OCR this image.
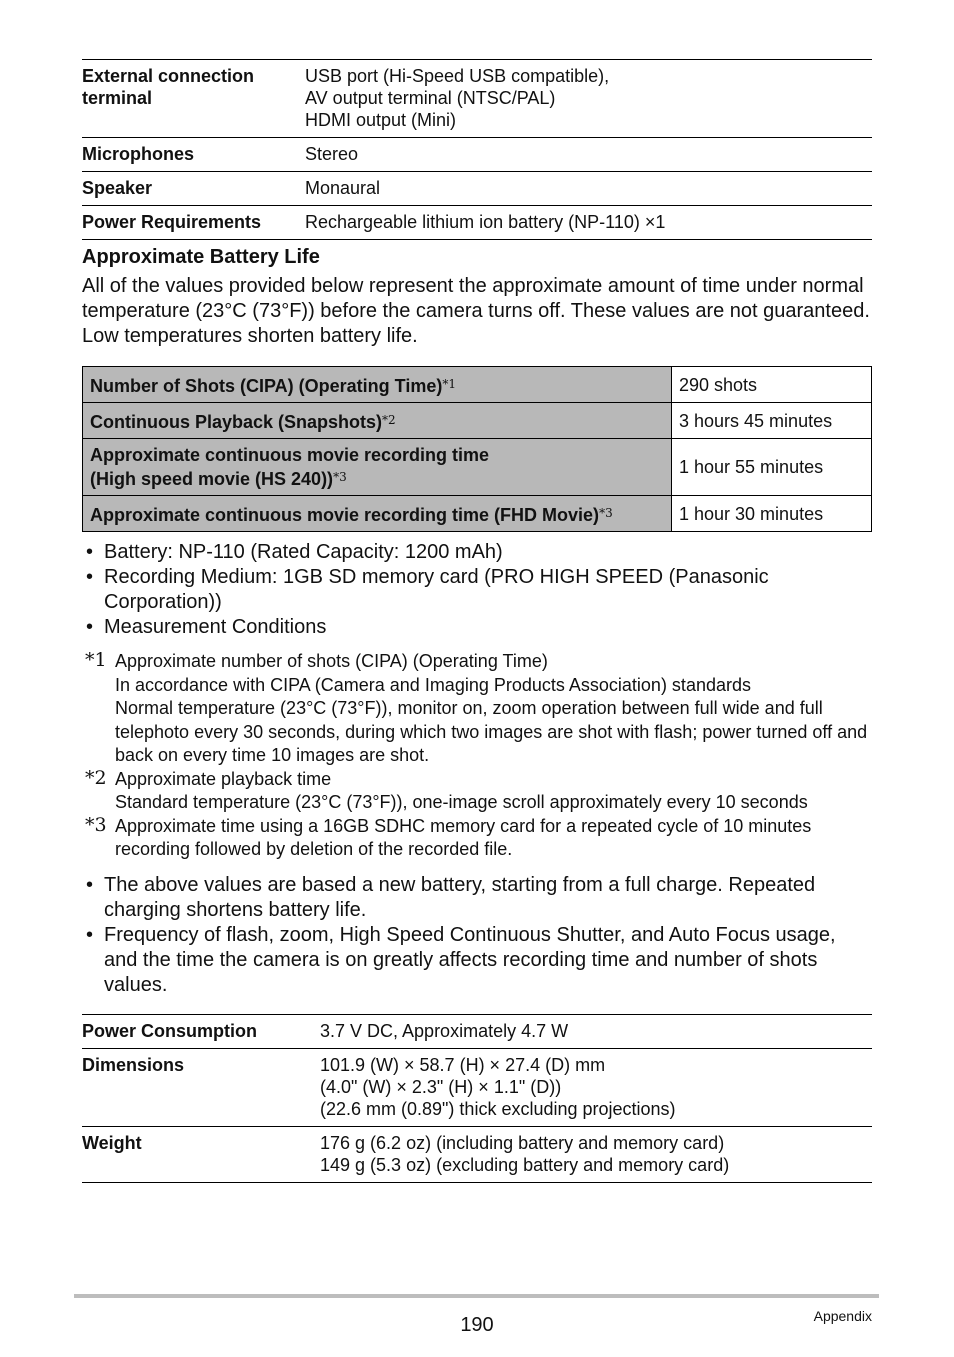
External connection
terminal	USB port (Hi-Speed USB compatible),
AV output terminal (NTSC/PAL)
HDMI output (Mini)

Microphones	Stereo

Speaker	Monaural

Power Requirements	Rechargeable lithium ion battery (NP-110) ×1
Approximate Battery Life

All of the values provided below represent the approximate amount of time under normal temperature (23°C (73°F)) before the camera turns off. These values are not guaranteed. Low temperatures shorten battery life.

Number of Shots (CIPA) (Operating Time)$^{*1}$	290 shots

Continuous Playback (Snapshots)$^{*2}$	3 hours 45 minutes

Approximate continuous movie recording time
(High speed movie (HS 240))$^{*3}$	1 hour 55 minutes

Approximate continuous movie recording time (FHD Movie)$^{*3}$	1 hour 30 minutes
• Battery: NP-110 (Rated Capacity: 1200 mAh)
• Recording Medium: 1GB SD memory card (PRO HIGH SPEED (Panasonic Corporation))
• Measurement Conditions
*1 Approximate number of shots (CIPA) (Operating Time)
In accordance with CIPA (Camera and Imaging Products Association) standards
Normal temperature (23°C (73°F)), monitor on, zoom operation between full wide and full telephoto every 30 seconds, during which two images are shot with flash; power turned off and back on every time 10 images are shot.
*2 Approximate playback time
Standard temperature (23°C (73°F)), one-image scroll approximately every 10 seconds
*3 Approximate time using a 16GB SDHC memory card for a repeated cycle of 10 minutes recording followed by deletion of the recorded file.
• The above values are based a new battery, starting from a full charge. Repeated charging shortens battery life.
• Frequency of flash, zoom, High Speed Continuous Shutter, and Auto Focus usage, and the time the camera is on greatly affects recording time and number of shots values.
Power Consumption	3.7 V DC, Approximately 4.7 W

Dimensions	101.9 (W) × 58.7 (H) × 27.4 (D) mm
(4.0" (W) × 2.3" (H) × 1.1" (D))
(22.6 mm (0.89") thick excluding projections)

Weight	176 g (6.2 oz) (including battery and memory card)
149 g (5.3 oz) (excluding battery and memory card)
190	Appendix
